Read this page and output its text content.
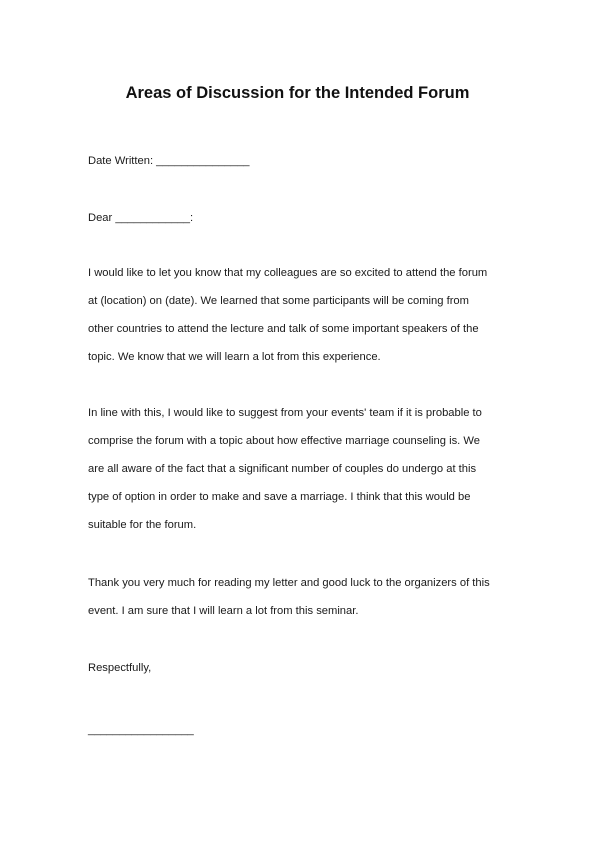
Areas of Discussion for the Intended Forum
Date Written: _______________
Dear ____________:
I would like to let you know that my colleagues are so excited to attend the forum
at (location) on (date). We learned that some participants will be coming from
other countries to attend the lecture and talk of some important speakers of the
topic. We know that we will learn a lot from this experience.
In line with this, I would like to suggest from your events' team if it is probable to
comprise the forum with a topic about how effective marriage counseling is. We
are all aware of the fact that a significant number of couples do undergo at this
type of option in order to make and save a marriage. I think that this would be
suitable for the forum.
Thank you very much for reading my letter and good luck to the organizers of this
event. I am sure that I will learn a lot from this seminar.
Respectfully,
_________________
